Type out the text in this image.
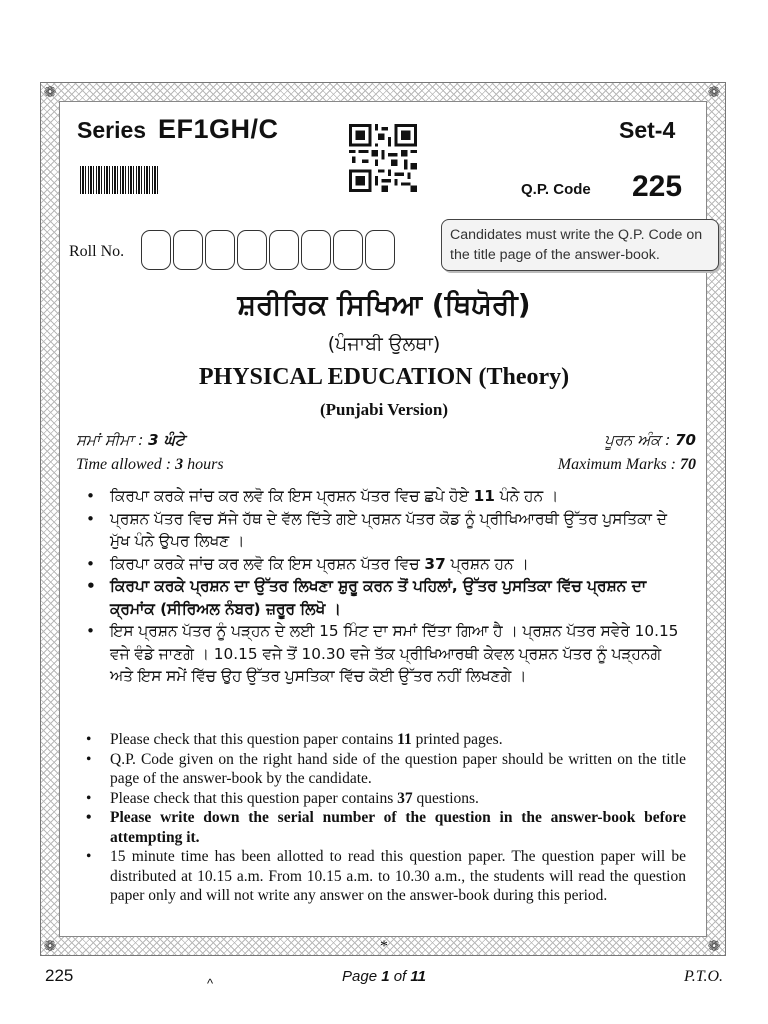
❁	❁
❁	❁
Series EF1GH/C	Set-4
Q.P. Code 225
Roll No.
Candidates must write the Q.P. Code on the title page of the answer-book.
ਸ਼ਰੀਰਿਕ ਸਿਖਿਆ (ਥਿਯੋਰੀ)
(ਪੰਜਾਬੀ ਉਲਥਾ)
PHYSICAL EDUCATION (Theory)
(Punjabi Version)
ਸਮਾਂ ਸੀਮਾ : 3 ਘੰਟੇ	ਪੂਰਨ ਅੰਕ : 70
Time allowed : 3 hours	Maximum Marks : 70
• ਕਿਰਪਾ ਕਰਕੇ ਜਾਂਚ ਕਰ ਲਵੋ ਕਿ ਇਸ ਪ੍ਰਸ਼ਨ ਪੱਤਰ ਵਿਚ ਛਪੇ ਹੋਏ 11 ਪੰਨੇ ਹਨ ।
• ਪ੍ਰਸ਼ਨ ਪੱਤਰ ਵਿਚ ਸੱਜੇ ਹੱਥ ਦੇ ਵੱਲ ਦਿੱਤੇ ਗਏ ਪ੍ਰਸ਼ਨ ਪੱਤਰ ਕੋਡ ਨੂੰ ਪ੍ਰੀਖਿਆਰਥੀ ਉੱਤਰ ਪੁਸਤਿਕਾ ਦੇ ਮੁੱਖ ਪੰਨੇ ਉਪਰ ਲਿਖਣ ।
• ਕਿਰਪਾ ਕਰਕੇ ਜਾਂਚ ਕਰ ਲਵੋ ਕਿ ਇਸ ਪ੍ਰਸ਼ਨ ਪੱਤਰ ਵਿਚ 37 ਪ੍ਰਸ਼ਨ ਹਨ ।
• ਕਿਰਪਾ ਕਰਕੇ ਪ੍ਰਸ਼ਨ ਦਾ ਉੱਤਰ ਲਿਖਣਾ ਸ਼ੁਰੂ ਕਰਨ ਤੋਂ ਪਹਿਲਾਂ, ਉੱਤਰ ਪੁਸਤਿਕਾ ਵਿੱਚ ਪ੍ਰਸ਼ਨ ਦਾ ਕ੍ਰਮਾਂਕ (ਸੀਰਿਅਲ ਨੰਬਰ) ਜ਼ਰੂਰ ਲਿਖੋ ।
• ਇਸ ਪ੍ਰਸ਼ਨ ਪੱਤਰ ਨੂੰ ਪੜ੍ਹਨ ਦੇ ਲਈ 15 ਮਿੰਟ ਦਾ ਸਮਾਂ ਦਿੱਤਾ ਗਿਆ ਹੈ । ਪ੍ਰਸ਼ਨ ਪੱਤਰ ਸਵੇਰੇ 10.15 ਵਜੇ ਵੰਡੇ ਜਾਣਗੇ । 10.15 ਵਜੇ ਤੋਂ 10.30 ਵਜੇ ਤੱਕ ਪ੍ਰੀਖਿਆਰਥੀ ਕੇਵਲ ਪ੍ਰਸ਼ਨ ਪੱਤਰ ਨੂੰ ਪੜ੍ਹਨਗੇ ਅਤੇ ਇਸ ਸਮੇਂ ਵਿੱਚ ਉਹ ਉੱਤਰ ਪੁਸਤਿਕਾ ਵਿੱਚ ਕੋਈ ਉੱਤਰ ਨਹੀਂ ਲਿਖਣਗੇ ।
• Please check that this question paper contains 11 printed pages.
• Q.P. Code given on the right hand side of the question paper should be written on the title page of the answer-book by the candidate.
• Please check that this question paper contains 37 questions.
• Please write down the serial number of the question in the answer-book before attempting it.
• 15 minute time has been allotted to read this question paper. The question paper will be distributed at 10.15 a.m. From 10.15 a.m. to 10.30 a.m., the students will read the question paper only and will not write any answer on the answer-book during this period.
*
225	^	Page 1 of 11	P.T.O.
